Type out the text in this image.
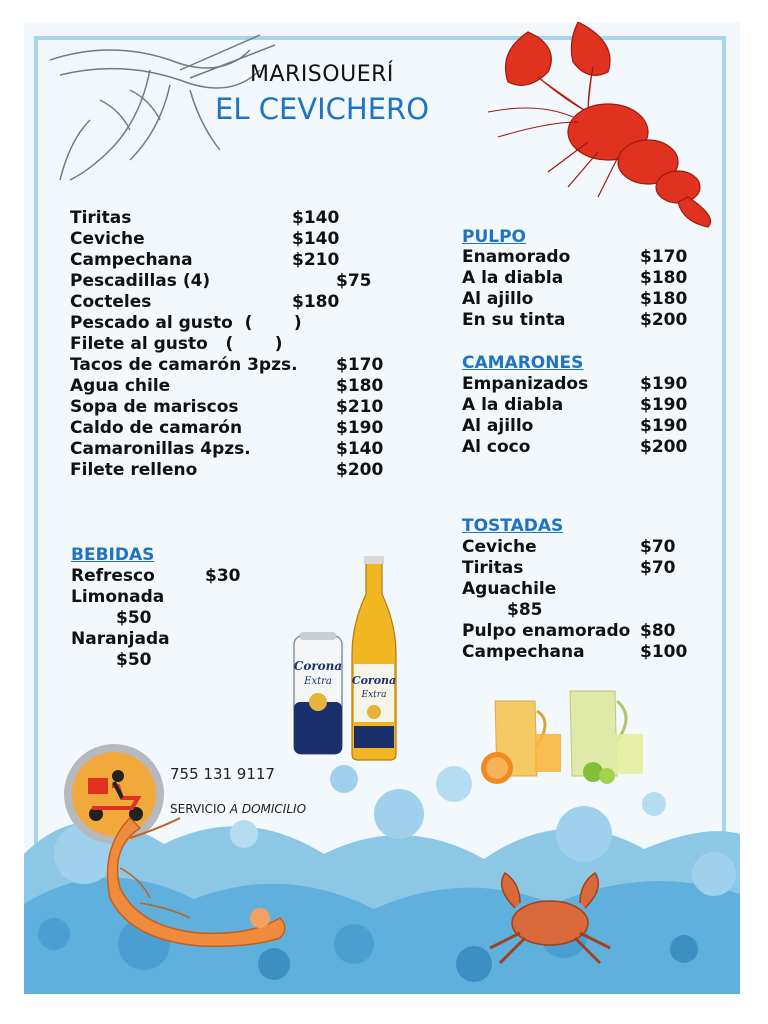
MARISOUERÍ
EL CEVICHERO
Tiritas	$140
Ceviche	$140
Campechana	$210
Pescadillas (4)	$75
Cocteles	$180
Pescado al gusto  (       )
Filete al gusto   (       )
Tacos de camarón 3pzs. $170
Agua chile	$180
Sopa de mariscos	$210
Caldo de camarón	$190
Camaronillas 4pzs.	$140
Filete relleno	$200
PULPO
Enamorado	$170
A la diabla	$180
Al ajillo	$180
En su tinta	$200
CAMARONES
Empanizados	$190
A la diabla	$190
Al ajillo	$190
Al coco	$200
TOSTADAS
Ceviche	$70
Tiritas	$70
Aguachile
$85
Pulpo enamorado $80
Campechana	$100
BEBIDAS
Refresco	$30
Limonada
$50
Naranjada
$50	Corona
Extra Corona
Extra
755 131 9117
SERVICIO A DOMICILIO
